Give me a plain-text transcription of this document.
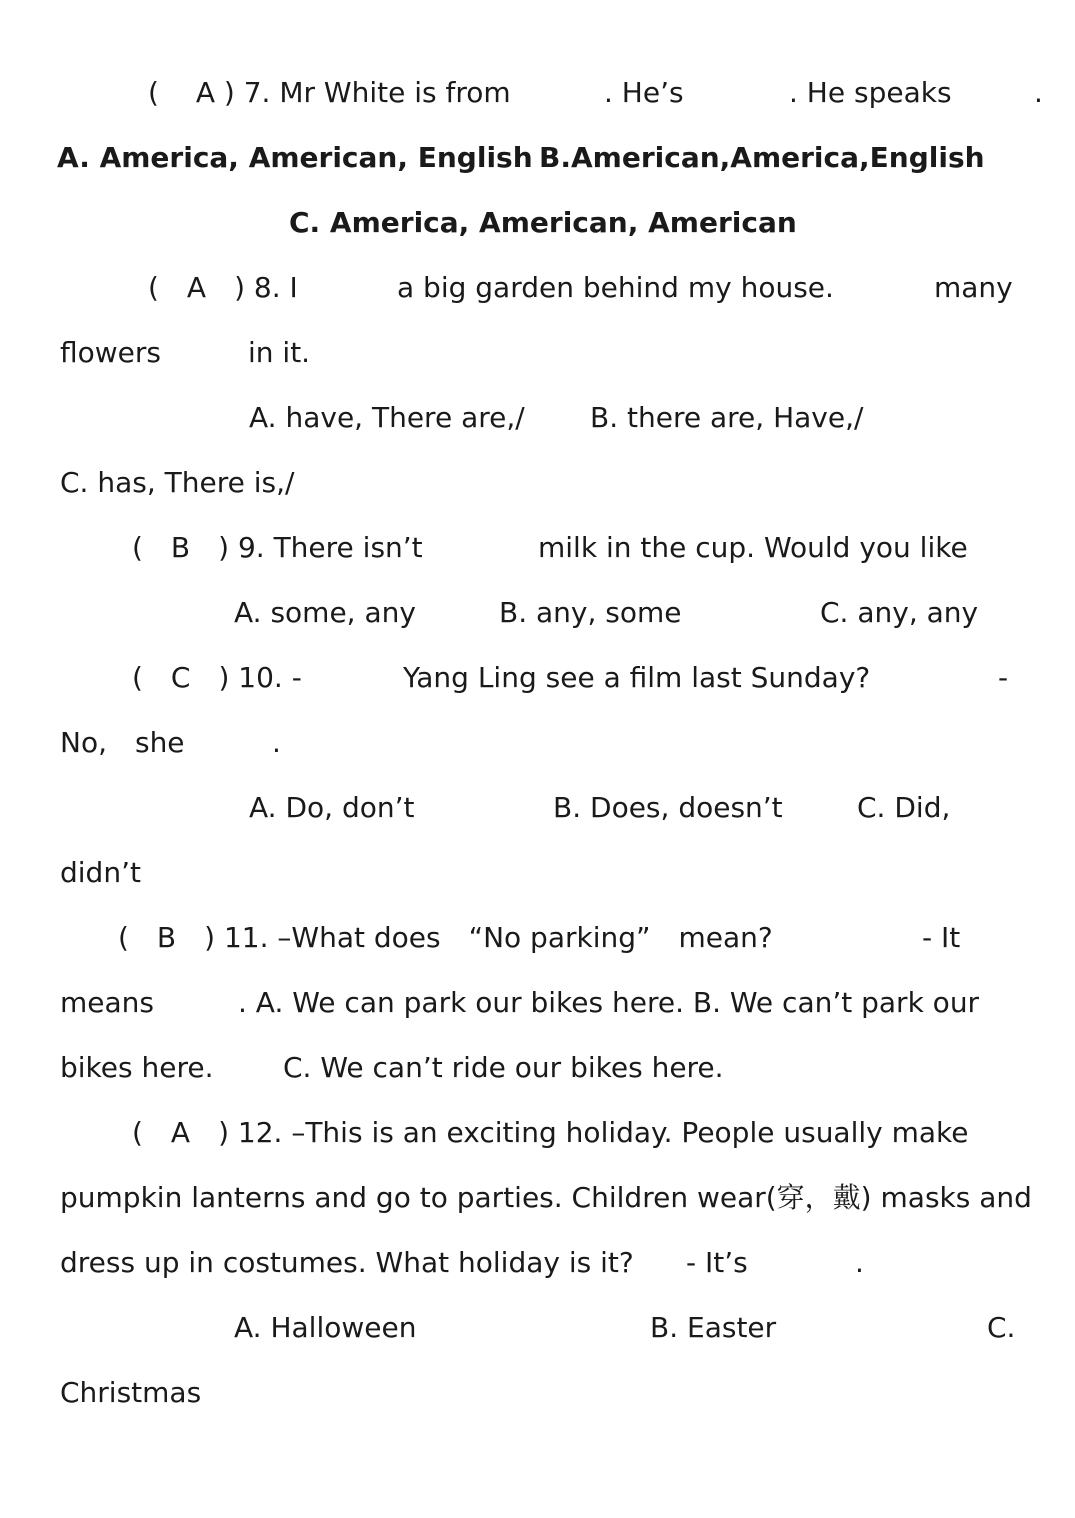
(　 A ) 7. Mr White is from	. He’s	. He speaks	.
A. America, American, English B.American,America,English
C. America, American, American
(　A　) 8. I	a big garden behind my house.	many
flowers	in it.
A. have, There are,/ B. there are, Have,/
C. has, There is,/
(　B　) 9. There isn’t	milk in the cup. Would you like
A. some, any	B. any, some	C. any, any
(　C　) 10. -	Yang Ling see a film last Sunday?	-
No,　she	.
A. Do, don’t	B. Does, doesn’t	C. Did,
didn’t
(　B　) 11. –What does　“No parking”　mean?	- It
means	. A. We can park our bikes here. B. We can’t park our
bikes here. C. We can’t ride our bikes here.
(　A　) 12. –This is an exciting holiday. People usually make
pumpkin lanterns and go to parties. Children wear(穿，戴) masks and
dress up in costumes. What holiday is it? - It’s	.
A. Halloween	B. Easter	C.
Christmas
